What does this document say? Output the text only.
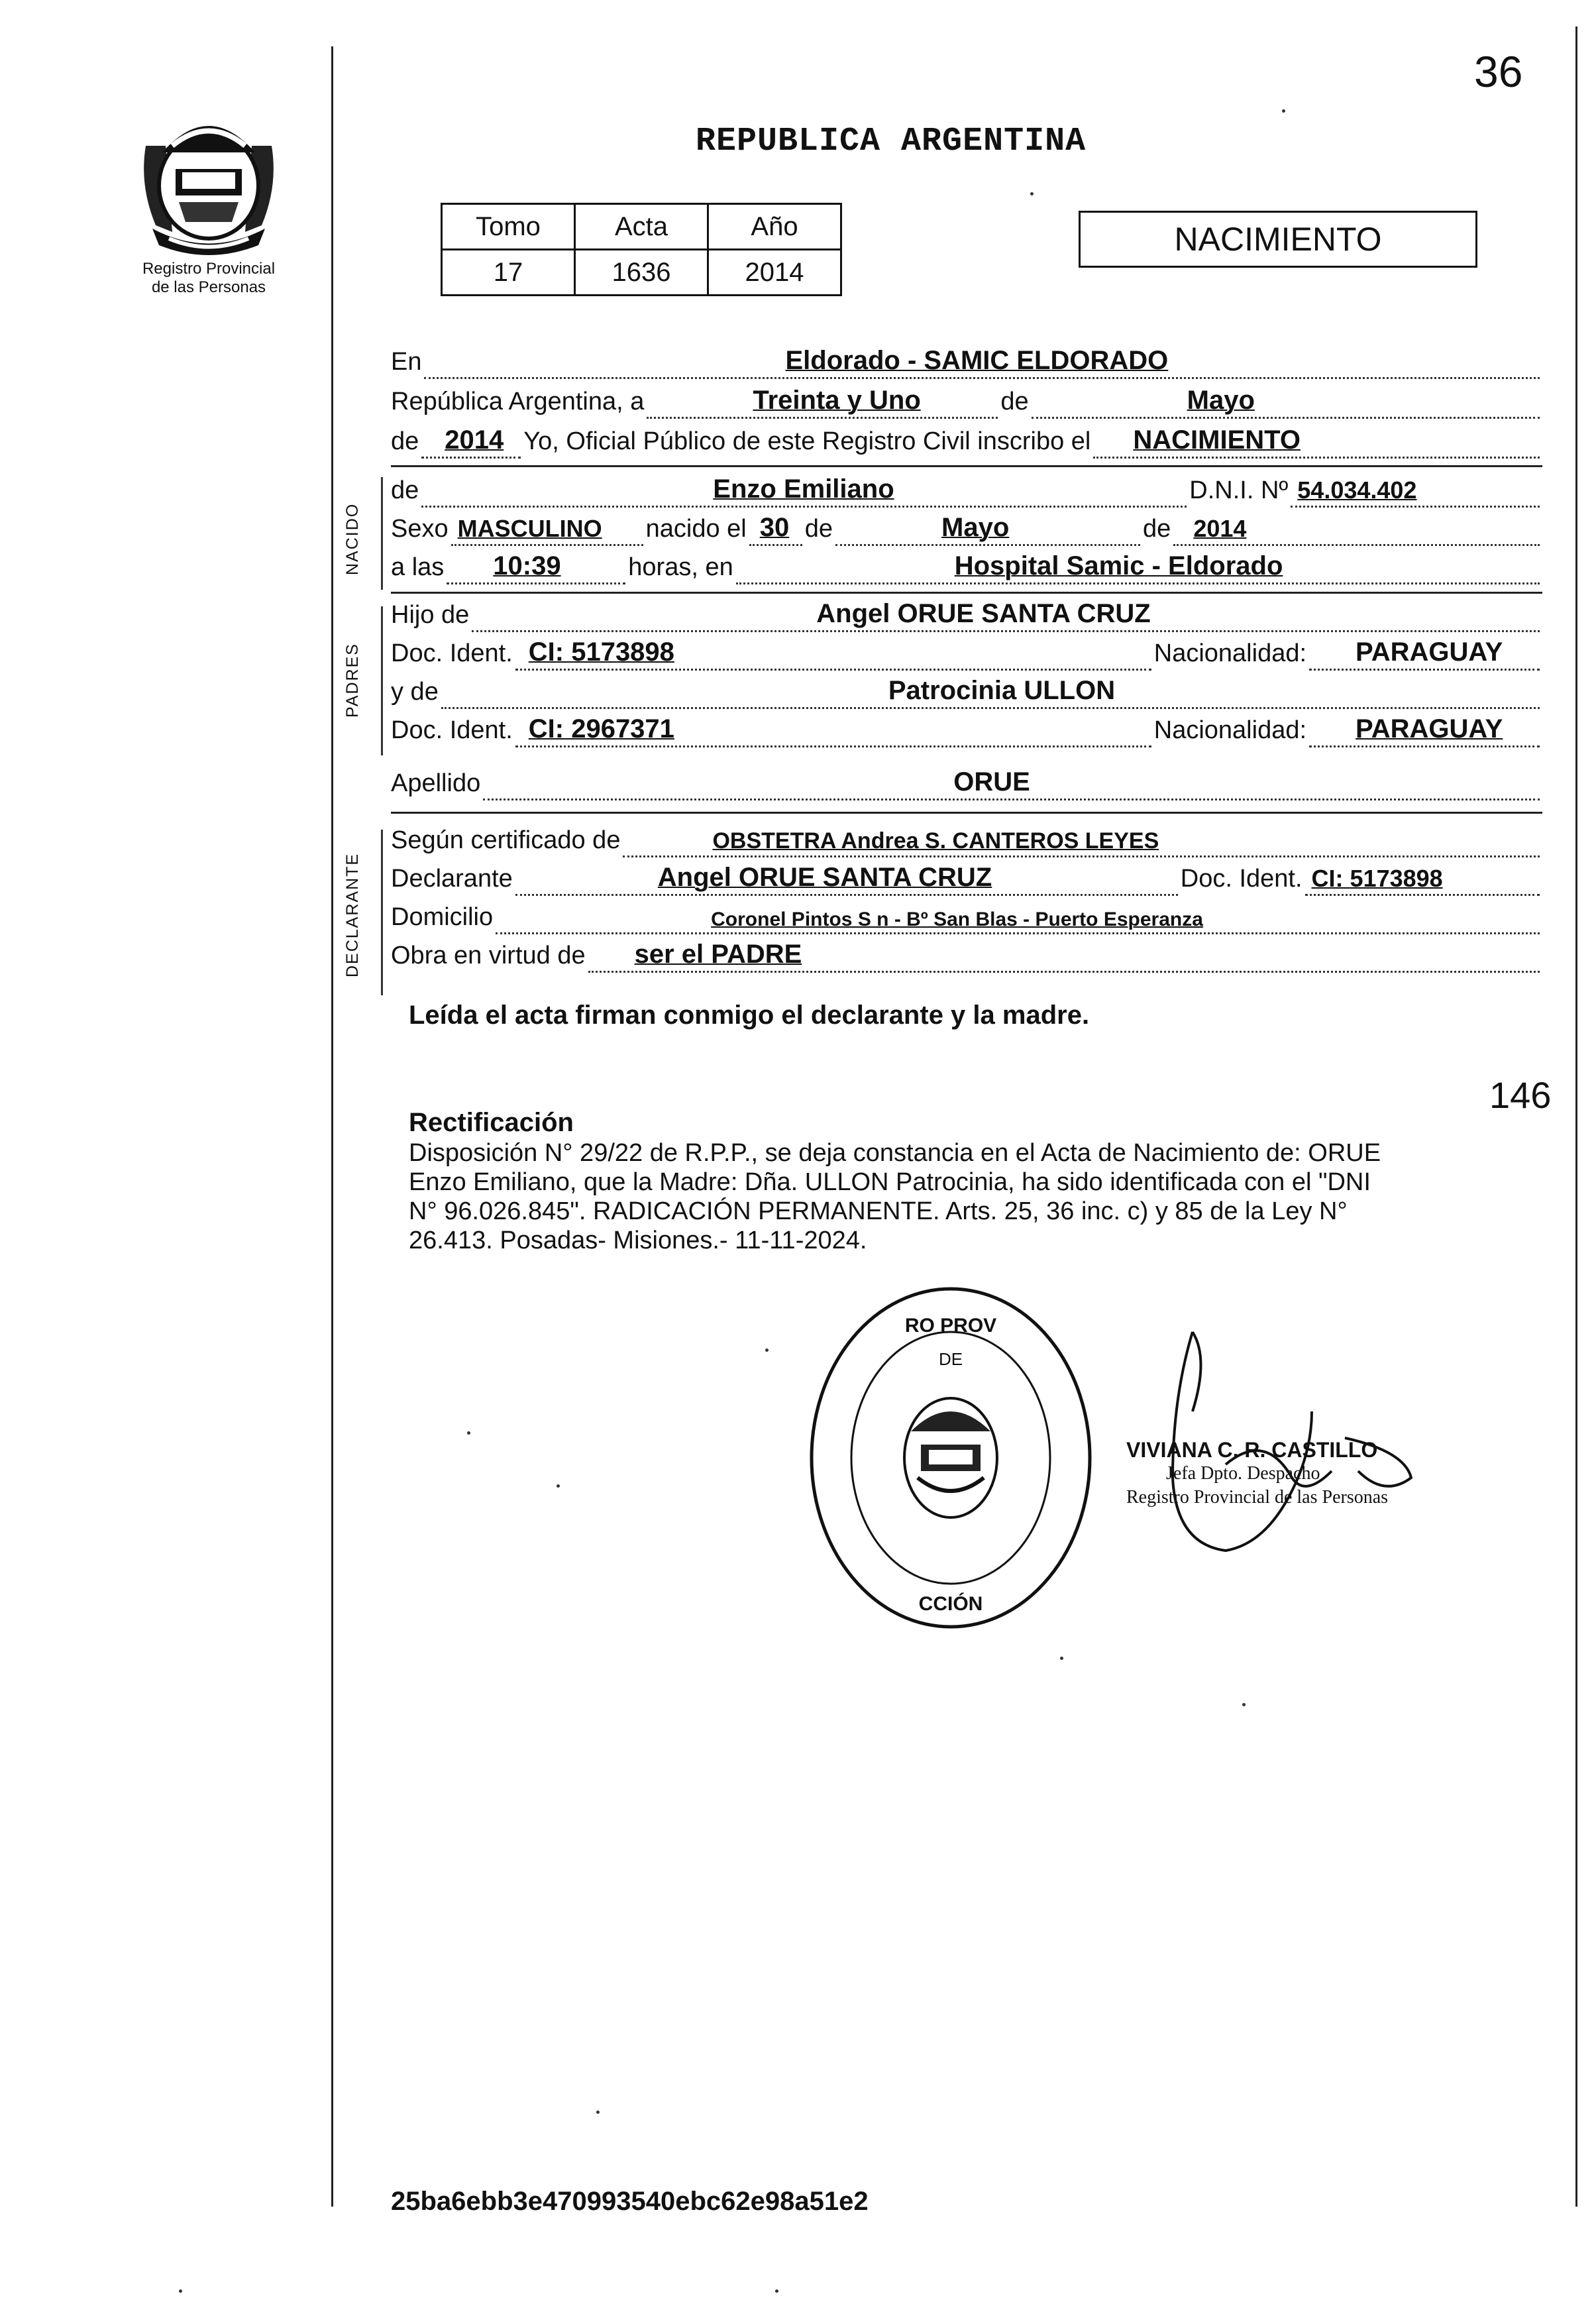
36
Registro Provincial
de las Personas
REPUBLICA ARGENTINA
Tomo	Acta	Año
17	1636	2014
NACIMIENTO
En	Eldorado - SAMIC ELDORADO
República Argentina, a	Treinta y Uno	de	Mayo
de 2014 Yo, Oficial Público de este Registro Civil inscribo el NACIMIENTO
NACIDO
de	Enzo Emiliano	D.N.I. Nº 54.034.402
Sexo MASCULINO nacido el 30 de	Mayo	de 2014
a las 10:39	horas, en	Hospital Samic - Eldorado
PADRES
Hijo de	Angel ORUE SANTA CRUZ
Doc. Ident. CI: 5173898	Nacionalidad: PARAGUAY
y de	Patrocinia ULLON
Doc. Ident. CI: 2967371	Nacionalidad: PARAGUAY
Apellido	ORUE
DECLARANTE
Según certificado de	OBSTETRA Andrea S. CANTEROS LEYES
Declarante	Angel ORUE SANTA CRUZ	Doc. Ident. CI: 5173898
Domicilio	Coronel Pintos S n - Bº San Blas - Puerto Esperanza
Obra en virtud de ser el PADRE
Leída el acta firman conmigo el declarante y la madre.
146
Rectificación
Disposición N° 29/22 de R.P.P., se deja constancia en el Acta de Nacimiento de: ORUE
Enzo Emiliano, que la Madre: Dña. ULLON Patrocinia, ha sido identificada con el "DNI
N° 96.026.845". RADICACIÓN PERMANENTE. Arts. 25, 36 inc. c) y 85 de la Ley N°
26.413. Posadas- Misiones.- 11-11-2024.
RO PROV
DE
CCIÓN
VIVIANA C. R. CASTILLO
Jefa Dpto. Despacho
Registro Provincial de las Personas
25ba6ebb3e470993540ebc62e98a51e2
